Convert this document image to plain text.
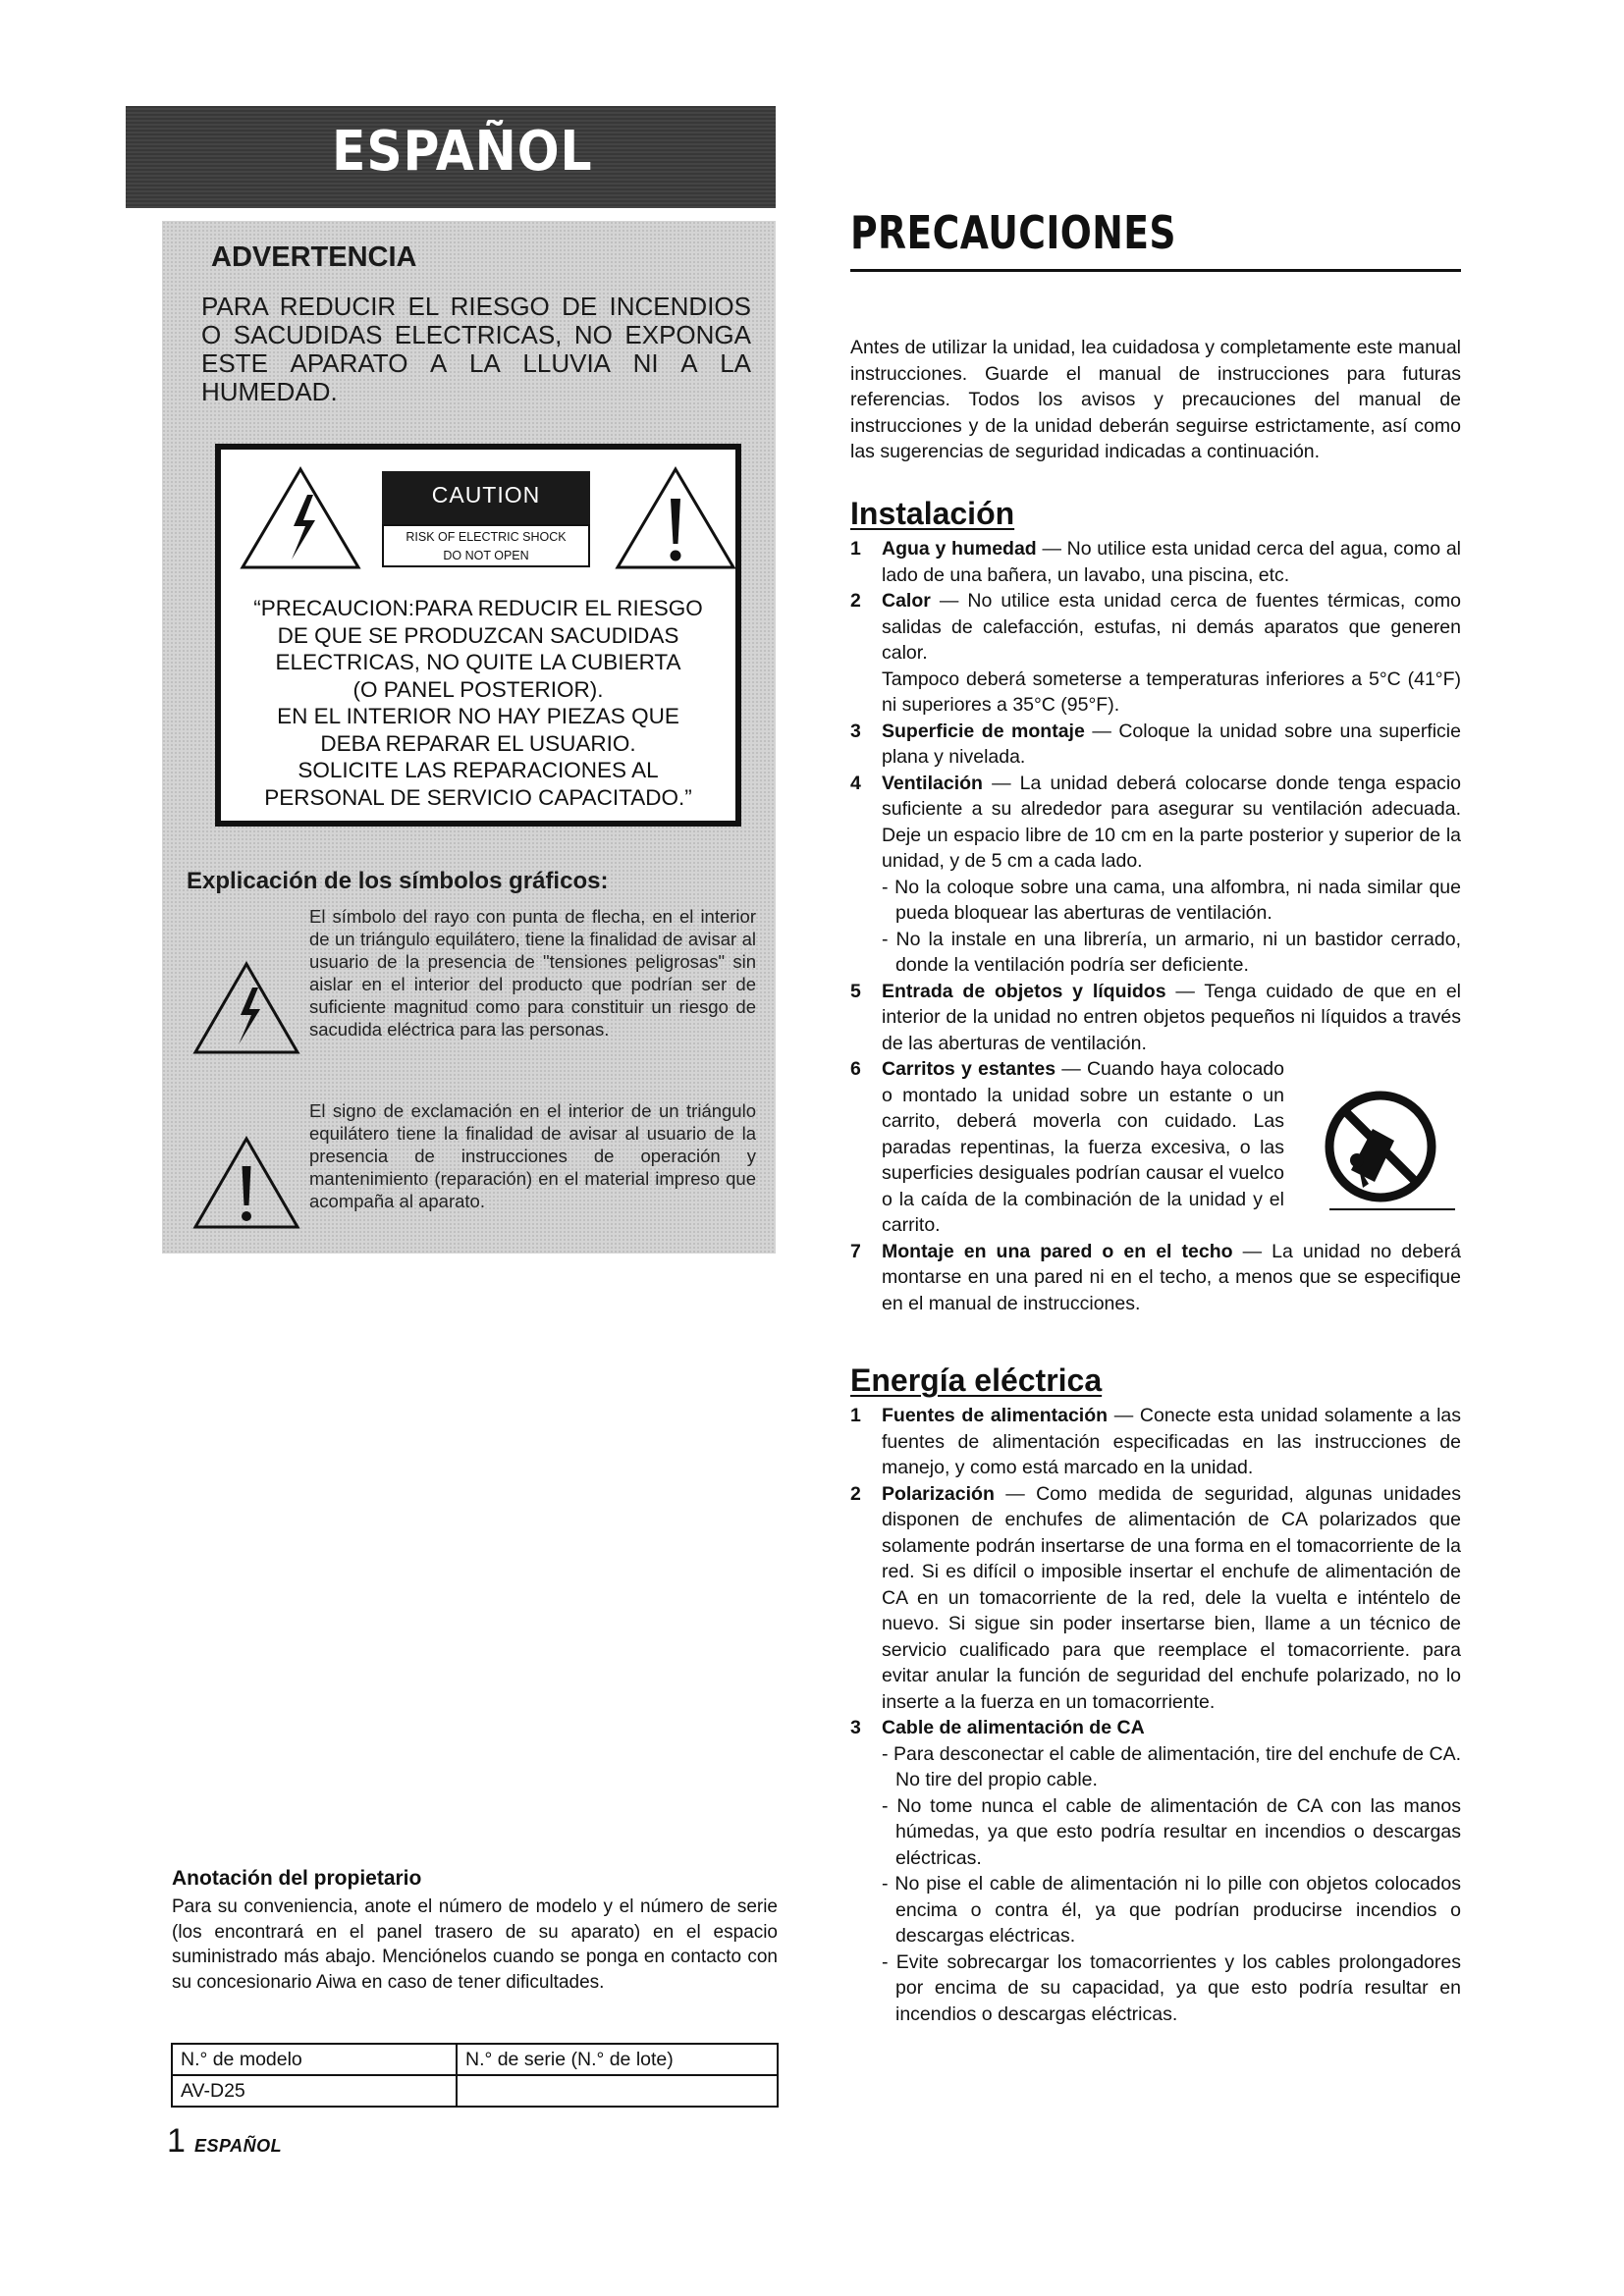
ESPAÑOL
ADVERTENCIA

PARA REDUCIR EL RIESGO DE INCENDIOS O SACUDIDAS ELECTRICAS, NO EXPONGA ESTE APARATO A LA LLUVIA NI A LA HUMEDAD.

CAUTION
RISK OF ELECTRIC SHOCK
DO NOT OPEN

“PRECAUCION:PARA REDUCIR EL RIESGO
DE QUE SE PRODUZCAN SACUDIDAS
ELECTRICAS, NO QUITE LA CUBIERTA
(O PANEL POSTERIOR).
EN EL INTERIOR NO HAY PIEZAS QUE
DEBA REPARAR EL USUARIO.
SOLICITE LAS REPARACIONES AL
PERSONAL DE SERVICIO CAPACITADO.”

Explicación de los símbolos gráficos:

El símbolo del rayo con punta de flecha, en el interior de un triángulo equilátero, tiene la finalidad de avisar al usuario de la presencia de "tensiones peligrosas" sin aislar en el interior del producto que podrían ser de suficiente magnitud como para constituir un riesgo de sacudida eléctrica para las personas.

El signo de exclamación en el interior de un triángulo equilátero tiene la finalidad de avisar al usuario de la presencia de instrucciones de operación y mantenimiento (reparación) en el material impreso que acompaña al aparato.

Anotación del propietario

Para su conveniencia, anote el número de modelo y el número de serie (los encontrará en el panel trasero de su aparato) en el espacio suministrado más abajo. Menciónelos cuando se ponga en contacto con su concesionario Aiwa en caso de tener dificultades.

N.° de modelo	N.° de serie (N.° de lote)
AV-D25	
1 ESPAÑOL
PRECAUCIONES

Antes de utilizar la unidad, lea cuidadosa y completamente este manual instrucciones. Guarde el manual de instrucciones para futuras referencias. Todos los avisos y precauciones del manual de instrucciones y de la unidad deberán seguirse estrictamente, así como las sugerencias de seguridad indicadas a continuación.

Instalación
1 Agua y humedad — No utilice esta unidad cerca del agua, como al lado de una bañera, un lavabo, una piscina, etc.
2 Calor — No utilice esta unidad cerca de fuentes térmicas, como salidas de calefacción, estufas, ni demás aparatos que generen calor.
Tampoco deberá someterse a temperaturas inferiores a 5°C (41°F) ni superiores a 35°C (95°F).
3 Superficie de montaje — Coloque la unidad sobre una superficie plana y nivelada.
4 Ventilación — La unidad deberá colocarse donde tenga espacio suficiente a su alrededor para asegurar su ventilación adecuada. Deje un espacio libre de 10 cm en la parte posterior y superior de la unidad, y de 5 cm a cada lado.
- No la coloque sobre una cama, una alfombra, ni nada similar que pueda bloquear las aberturas de ventilación.
- No la instale en una librería, un armario, ni un bastidor cerrado, donde la ventilación podría ser deficiente.
5 Entrada de objetos y líquidos — Tenga cuidado de que en el interior de la unidad no entren objetos pequeños ni líquidos a través de las aberturas de ventilación.
6 Carritos y estantes — Cuando haya colocado o montado la unidad sobre un estante o un carrito, deberá moverla con cuidado. Las paradas repentinas, la fuerza excesiva, o las superficies desiguales podrían causar el vuelco o la caída de la combinación de la unidad y el carrito.
7 Montaje en una pared o en el techo — La unidad no deberá montarse en una pared ni en el techo, a menos que se especifique en el manual de instrucciones.
Energía eléctrica
1 Fuentes de alimentación — Conecte esta unidad solamente a las fuentes de alimentación especificadas en las instrucciones de manejo, y como está marcado en la unidad.
2 Polarización — Como medida de seguridad, algunas unidades disponen de enchufes de alimentación de CA polarizados que solamente podrán insertarse de una forma en el tomacorriente de la red. Si es difícil o imposible insertar el enchufe de alimentación de CA en un tomacorriente de la red, dele la vuelta e inténtelo de nuevo. Si sigue sin poder insertarse bien, llame a un técnico de servicio cualificado para que reemplace el tomacorriente. para evitar anular la función de seguridad del enchufe polarizado, no lo inserte a la fuerza en un tomacorriente.
3 Cable de alimentación de CA
- Para desconectar el cable de alimentación, tire del enchufe de CA. No tire del propio cable.
- No tome nunca el cable de alimentación de CA con las manos húmedas, ya que esto podría resultar en incendios o descargas eléctricas.
- No pise el cable de alimentación ni lo pille con objetos colocados encima o contra él, ya que podrían producirse incendios o descargas eléctricas.
- Evite sobrecargar los tomacorrientes y los cables prolongadores por encima de su capacidad, ya que esto podría resultar en incendios o descargas eléctricas.
